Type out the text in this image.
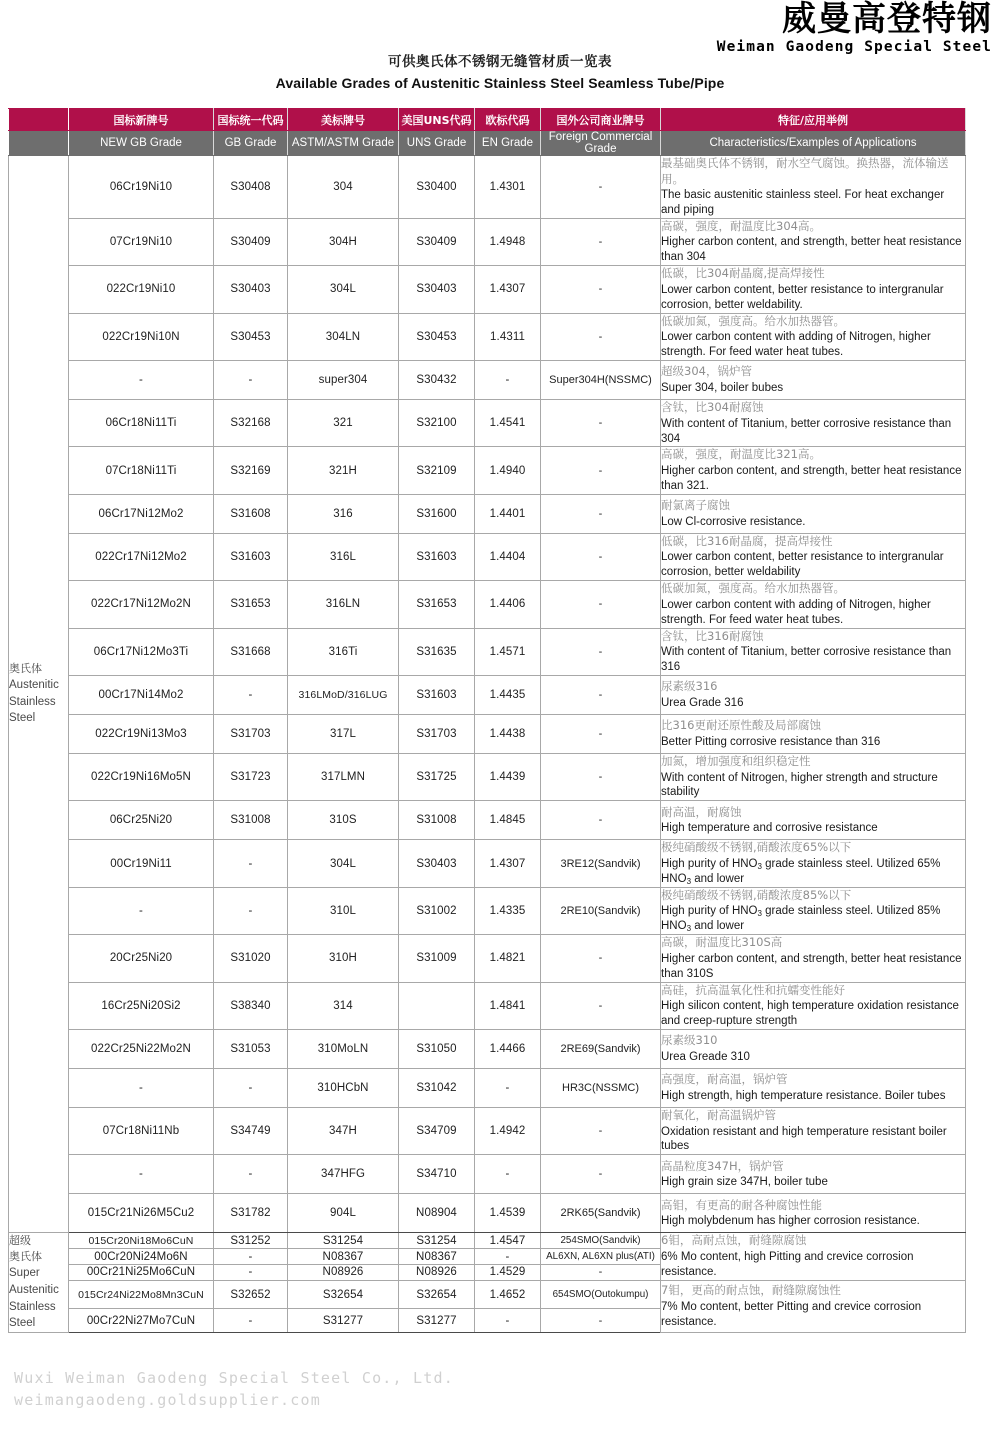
威曼高登特钢
Weiman Gaodeng Special Steel
可供奥氏体不锈钢无缝管材质一览表
Available Grades of Austenitic Stainless Steel Seamless Tube/Pipe
	国标新牌号	国标统一代码	美标牌号	美国UNS代码	欧标代码	国外公司商业牌号	特征/应用举例
	NEW GB Grade	GB Grade	ASTM/ASTM Grade	UNS Grade	EN Grade	Foreign Commercial Grade	Characteristics/Examples of Applications

奥氏体
Austenitic
Stainless
Steel	06Cr19Ni10	S30408	304	S30400	1.4301	-	最基础奥氏体不锈钢，耐水空气腐蚀。换热器，流体输送用。
The basic austenitic stainless steel. For heat exchanger and piping

	07Cr19Ni10	S30409	304H	S30409	1.4948	-	高碳，强度，耐温度比304高。
Higher carbon content, and strength, better heat resistance than 304

	022Cr19Ni10	S30403	304L	S30403	1.4307	-	低碳，比304耐晶腐,提高焊接性
Lower carbon content, better resistance to intergranular corrosion, better weldability.

	022Cr19Ni10N	S30453	304LN	S30453	1.4311	-	低碳加氮，强度高。给水加热器管。
Lower carbon content with adding of Nitrogen, higher strength. For feed water heat tubes.

	-	-	super304	S30432	-	Super304H(NSSMC)	超级304，锅炉管
Super 304, boiler bubes

	06Cr18Ni11Ti	S32168	321	S32100	1.4541	-	含钛，比304耐腐蚀
With content of Titanium, better corrosive resistance than 304

	07Cr18Ni11Ti	S32169	321H	S32109	1.4940	-	高碳，强度，耐温度比321高。
Higher carbon content, and strength, better heat resistance than 321.

	06Cr17Ni12Mo2	S31608	316	S31600	1.4401	-	耐氯离子腐蚀
Low Cl-corrosive resistance.

	022Cr17Ni12Mo2	S31603	316L	S31603	1.4404	-	低碳，比316耐晶腐，提高焊接性
Lower carbon content, better resistance to intergranular corrosion, better weldability

	022Cr17Ni12Mo2N	S31653	316LN	S31653	1.4406	-	低碳加氮，强度高。给水加热器管。
Lower carbon content with adding of Nitrogen, higher strength. For feed water heat tubes.

	06Cr17Ni12Mo3Ti	S31668	316Ti	S31635	1.4571	-	含钛，比316耐腐蚀
With content of Titanium, better corrosive resistance than 316

	00Cr17Ni14Mo2	-	316LMoD/316LUG	S31603	1.4435	-	尿素级316
Urea Grade 316

	022Cr19Ni13Mo3	S31703	317L	S31703	1.4438	-	比316更耐还原性酸及局部腐蚀
Better Pitting corrosive resistance than 316

	022Cr19Ni16Mo5N	S31723	317LMN	S31725	1.4439	-	加氮，增加强度和组织稳定性
With content of Nitrogen, higher strength and structure stability

	06Cr25Ni20	S31008	310S	S31008	1.4845	-	耐高温，耐腐蚀
High temperature and corrosive resistance

	00Cr19Ni11	-	304L	S30403	1.4307	3RE12(Sandvik)	极纯硝酸级不锈钢,硝酸浓度65%以下
High purity of $HNO_3$ grade stainless steel. Utilized 65% $HNO_3$ and lower

	-	-	310L	S31002	1.4335	2RE10(Sandvik)	极纯硝酸级不锈钢,硝酸浓度85%以下
High purity of $HNO_3$ grade stainless steel. Utilized 85% $HNO_3$ and lower

	20Cr25Ni20	S31020	310H	S31009	1.4821	-	高碳，耐温度比310S高
Higher carbon content, and strength, better heat resistance than 310S

	16Cr25Ni20Si2	S38340	314		1.4841	-	高硅，抗高温氧化性和抗蠕变性能好
High silicon content, high temperature oxidation resistance and creep-rupture strength

	022Cr25Ni22Mo2N	S31053	310MoLN	S31050	1.4466	2RE69(Sandvik)	尿素级310
Urea Greade 310

	-	-	310HCbN	S31042	-	HR3C(NSSMC)	高强度，耐高温，锅炉管
High strength, high temperature resistance. Boiler tubes

	07Cr18Ni11Nb	S34749	347H	S34709	1.4942	-	耐氧化，耐高温锅炉管
Oxidation resistant and high temperature resistant boiler tubes

	-	-	347HFG	S34710	-	-	高晶粒度347H，锅炉管
High grain size 347H, boiler tube

	015Cr21Ni26M5Cu2	S31782	904L	N08904	1.4539	2RK65(Sandvik)	高钼，有更高的耐各种腐蚀性能
High molybdenum has higher corrosion resistance.

超级
奥氏体
Super
Austenitic
Stainless
Steel
	015Cr20Ni18Mo6CuN	S31252	S31254	S31254	1.4547	254SMO(Sandvik)	6钼，高耐点蚀，耐缝隙腐蚀
6% Mo content, high Pitting and crevice corrosion resistance.

	00Cr20Ni24Mo6N	-	N08367	N08367	-	AL6XN, AL6XN plus(ATI)	
	00Cr21Ni25Mo6CuN	-	N08926	N08926	1.4529	-	
	015Cr24Ni22Mo8Mn3CuN	S32652	S32654	S32654	1.4652	654SMO(Outokumpu)	7钼，更高的耐点蚀，耐缝隙腐蚀性
7% Mo content, better Pitting and crevice corrosion resistance.

	00Cr22Ni27Mo7CuN	-	S31277	S31277	-	-	
Wuxi Weiman Gaodeng Special Steel Co., Ltd.
weimangaodeng.goldsupplier.com
